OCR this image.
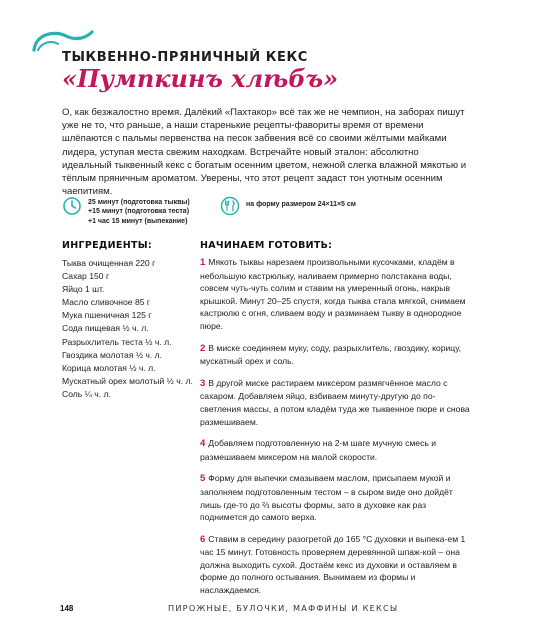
ТЫКВЕННО-ПРЯНИЧНЫЙ КЕКС
«Пумпкинъ хлѣбъ»

О, как безжалостно время. Далёкий «Пахтакор» всё так же не чемпион, на заборах пишут уже не то, что раньше, а наши старенькие рецепты-фавориты время от времени шлёпаются с пальмы первенства на песок забвения всё со своими жёлтыми майками лидера, уступая места свежим находкам. Встречайте новый эталон: абсолютно идеальный тыквенный кекс с богатым осенним цветом, нежной слегка влажной мякотью и тёплым пряничным ароматом. Уверены, что этот рецепт задаст тон уютным осенним чаепитиям.

25 минут (подготовка тыквы)
+15 минут (подготовка теста)
+1 час 15 минут (выпекание)
на форму размером 24×11×5 см
ИНГРЕДИЕНТЫ:
Тыква очищенная 220 г
Сахар 150 г
Яйцо 1 шт.
Масло сливочное 85 г
Мука пшеничная 125 г
Сода пищевая ½ ч. л.
Разрыхлитель теста ½ ч. л.
Гвоздика молотая ½ ч. л.
Корица молотая ½ ч. л.
Мускатный орех молотый ½ ч. л.
Соль ¼ ч. л.
НАЧИНАЕМ ГОТОВИТЬ:
1 Мякоть тыквы нарезаем произвольными кусочками, кладём в небольшую кастрюльку, наливаем примерно полстакана воды, совсем чуть-чуть солим и ставим на умеренный огонь, накрыв крышкой. Минут 20–25 спустя, когда тыква стала мягкой, снимаем кастрюлю с огня, сливаем воду и разминаем тыкву в однородное пюре.
2 В миске соединяем муку, соду, разрыхлитель, гвоздику, корицу, мускатный орех и соль.
3 В другой миске растираем миксером размягчённое масло с сахаром. Добавляем яйцо, взбиваем минуту-другую до по-светления массы, а потом кладём туда же тыквенное пюре и снова размешиваем.
4 Добавляем подготовленную на 2-м шаге мучную смесь и размешиваем миксером на малой скорости.
5 Форму для выпечки смазываем маслом, присыпаем мукой и заполняем подготовленным тестом – в сыром виде оно дойдёт лишь где-то до ⅔ высоты формы, зато в духовке как раз поднимется до самого верха.
6 Ставим в середину разогретой до 165 °С духовки и выпека-ем 1 час 15 минут. Готовность проверяем деревянной шпаж-кой – она должна выходить сухой. Достаём кекс из духовки и оставляем в форме до полного остывания. Вынимаем из формы и наслаждаемся.
148	ПИРОЖНЫЕ, БУЛОЧКИ, МАФФИНЫ И КЕКСЫ
